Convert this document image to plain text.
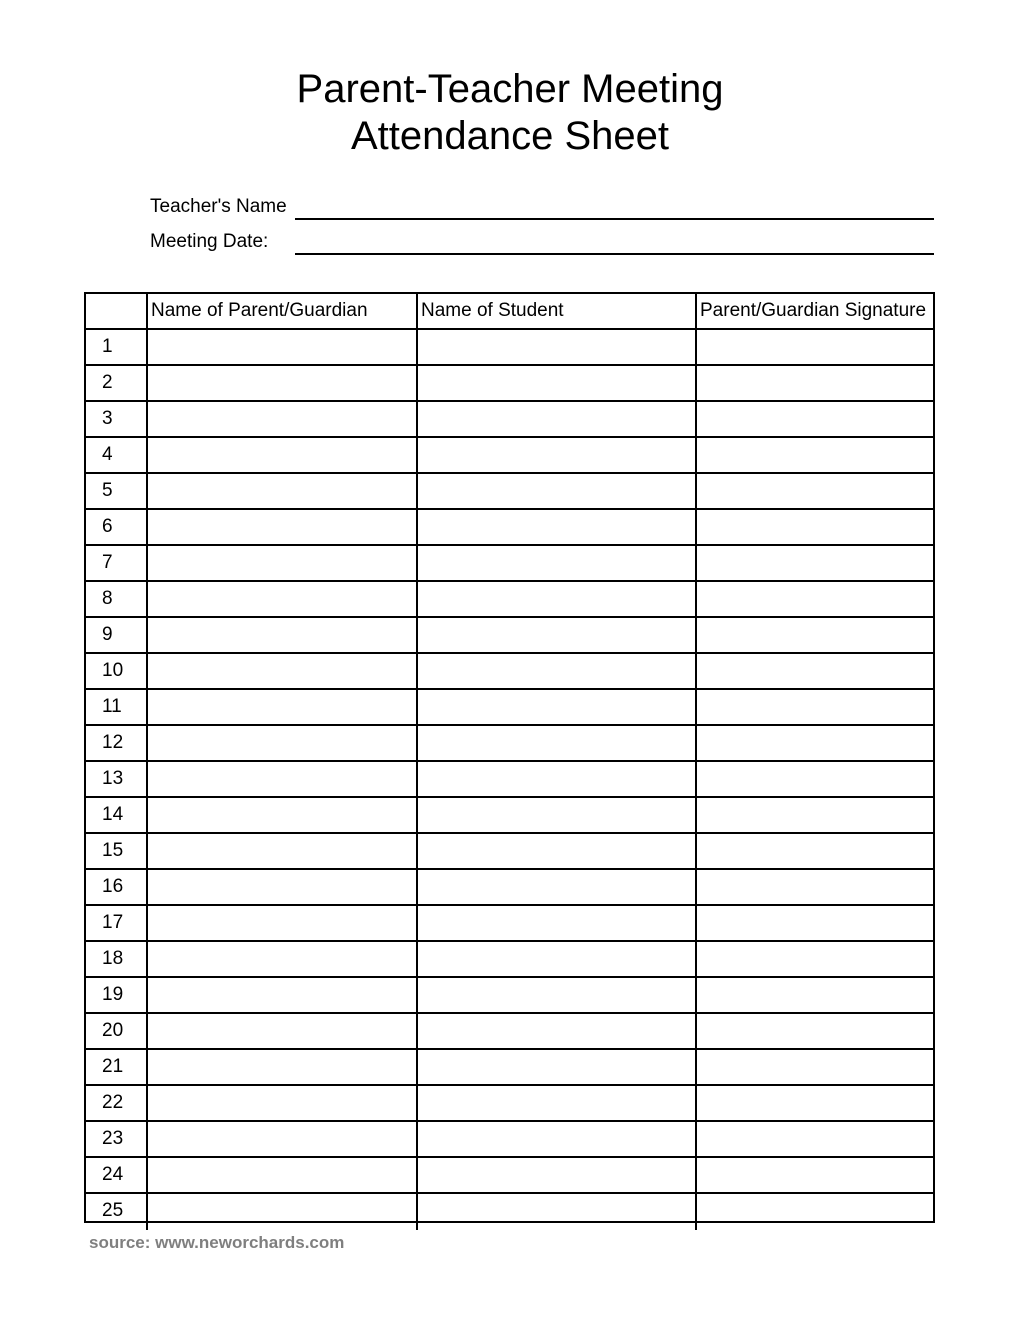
Parent-Teacher Meeting
Attendance Sheet
Teacher's Name
Meeting Date:
Name of Parent/Guardian	Name of Student	Parent/Guardian Signature
1
2
3
4
5
6
7
8
9
10
11
12
13
14
15
16
17
18
19
20
21
22
23
24
25
source: www.neworchards.com
